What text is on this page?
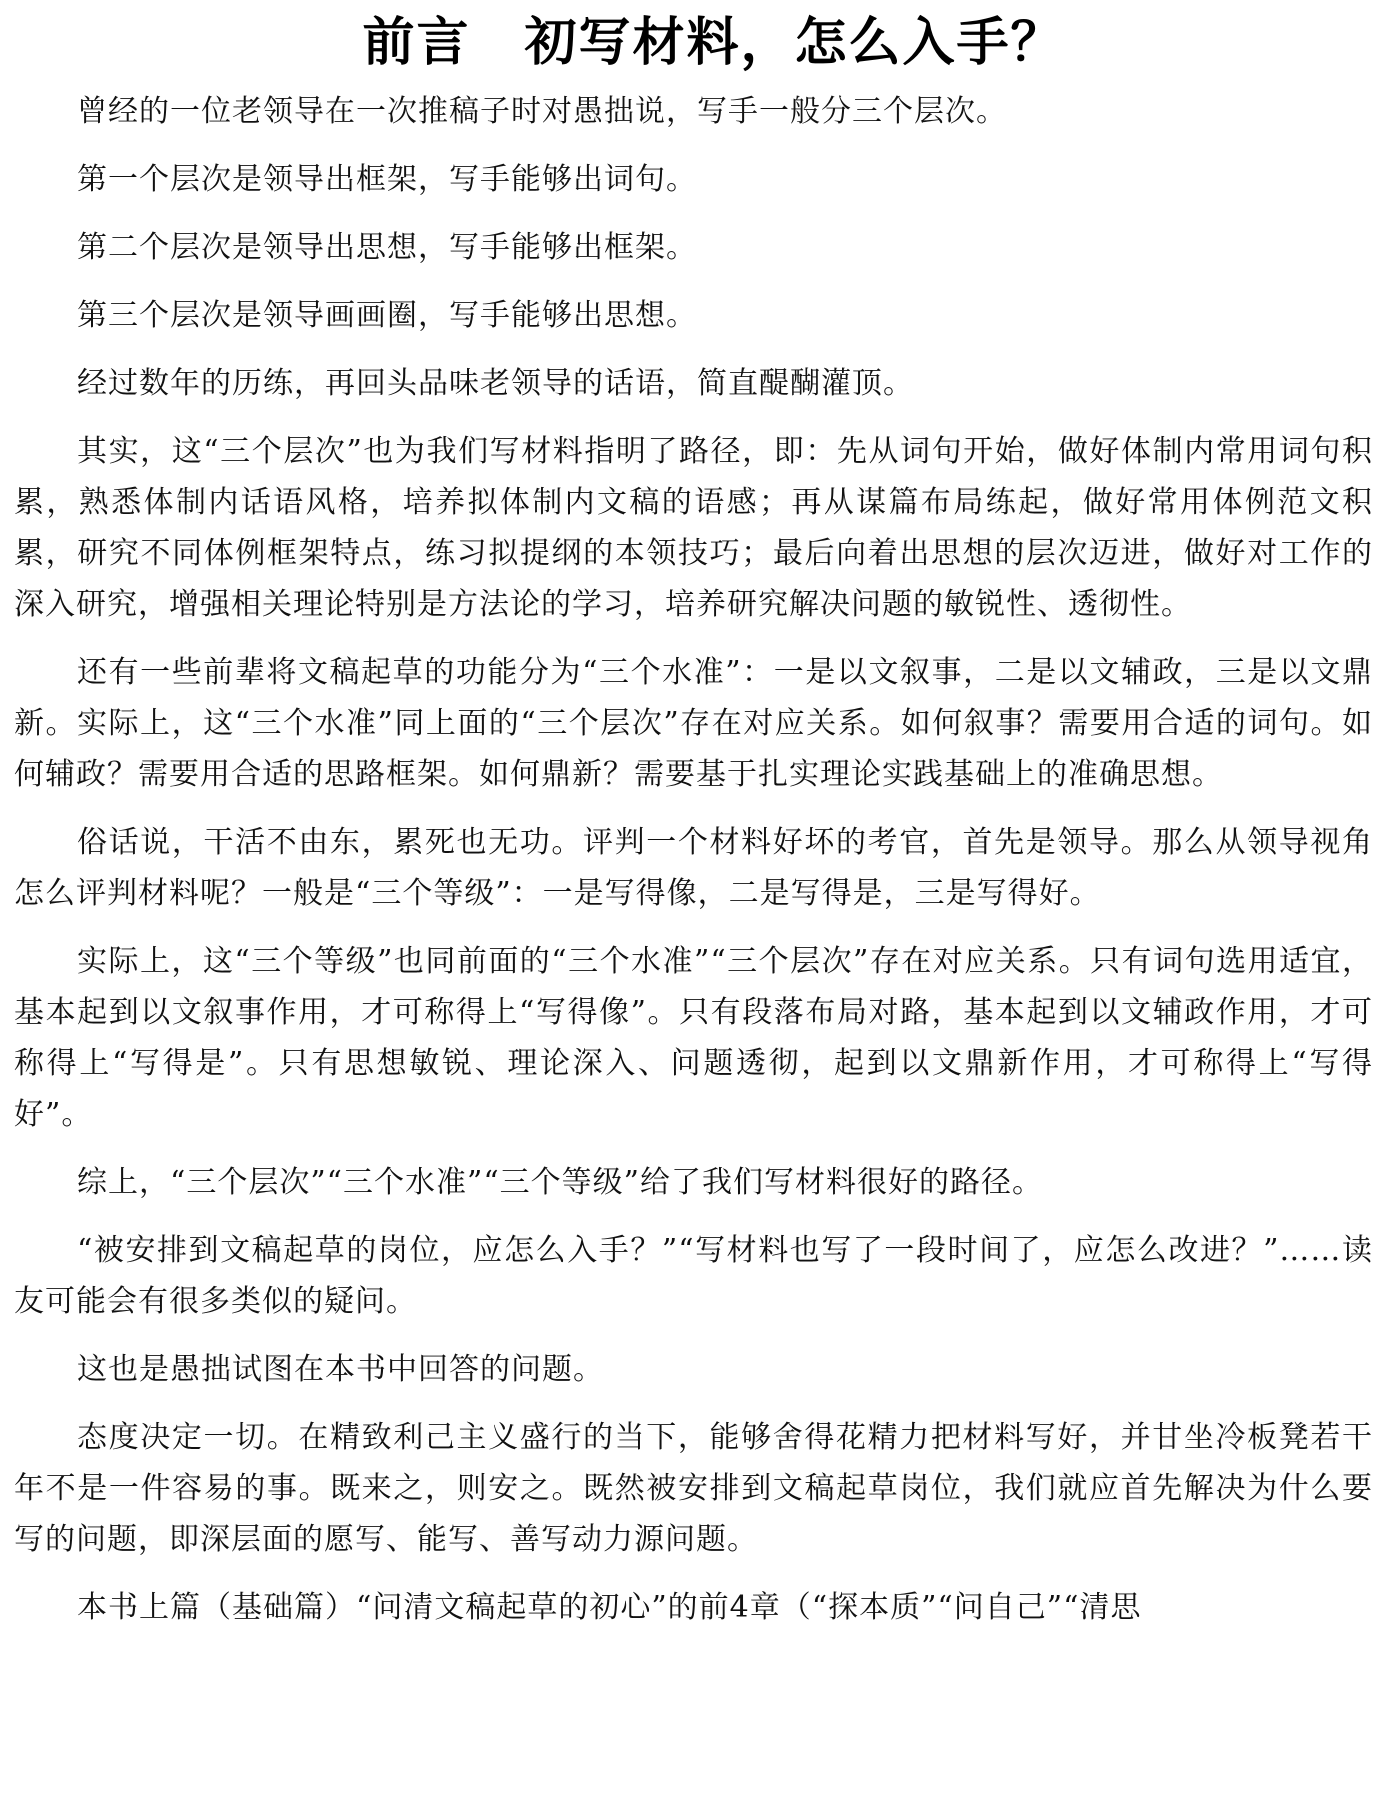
前言　初写材料，怎么入手？

曾经的一位老领导在一次推稿子时对愚拙说，写手一般分三个层次。

第一个层次是领导出框架，写手能够出词句。

第二个层次是领导出思想，写手能够出框架。

第三个层次是领导画画圈，写手能够出思想。

经过数年的历练，再回头品味老领导的话语，简直醍醐灌顶。

其实，这“三个层次”也为我们写材料指明了路径，即：先从词句开始，做好体制内常用词句积累，熟悉体制内话语风格，培养拟体制内文稿的语感；再从谋篇布局练起，做好常用体例范文积累，研究不同体例框架特点，练习拟提纲的本领技巧；最后向着出思想的层次迈进，做好对工作的深入研究，增强相关理论特别是方法论的学习，培养研究解决问题的敏锐性、透彻性。

还有一些前辈将文稿起草的功能分为“三个水准”：一是以文叙事，二是以文辅政，三是以文鼎新。实际上，这“三个水准”同上面的“三个层次”存在对应关系。如何叙事？需要用合适的词句。如何辅政？需要用合适的思路框架。如何鼎新？需要基于扎实理论实践基础上的准确思想。

俗话说，干活不由东，累死也无功。评判一个材料好坏的考官，首先是领导。那么从领导视角怎么评判材料呢？一般是“三个等级”：一是写得像，二是写得是，三是写得好。

实际上，这“三个等级”也同前面的“三个水准”“三个层次”存在对应关系。只有词句选用适宜，基本起到以文叙事作用，才可称得上“写得像”。只有段落布局对路，基本起到以文辅政作用，才可称得上“写得是”。只有思想敏锐、理论深入、问题透彻，起到以文鼎新作用，才可称得上“写得好”。

综上，“三个层次”“三个水准”“三个等级”给了我们写材料很好的路径。

“被安排到文稿起草的岗位，应怎么入手？”“写材料也写了一段时间了，应怎么改进？”……读友可能会有很多类似的疑问。

这也是愚拙试图在本书中回答的问题。

态度决定一切。在精致利己主义盛行的当下，能够舍得花精力把材料写好，并甘坐冷板凳若干年不是一件容易的事。既来之，则安之。既然被安排到文稿起草岗位，我们就应首先解决为什么要写的问题，即深层面的愿写、能写、善写动力源问题。

本书上篇（基础篇）“问清文稿起草的初心”的前4章（“探本质”“问自己”“清思
